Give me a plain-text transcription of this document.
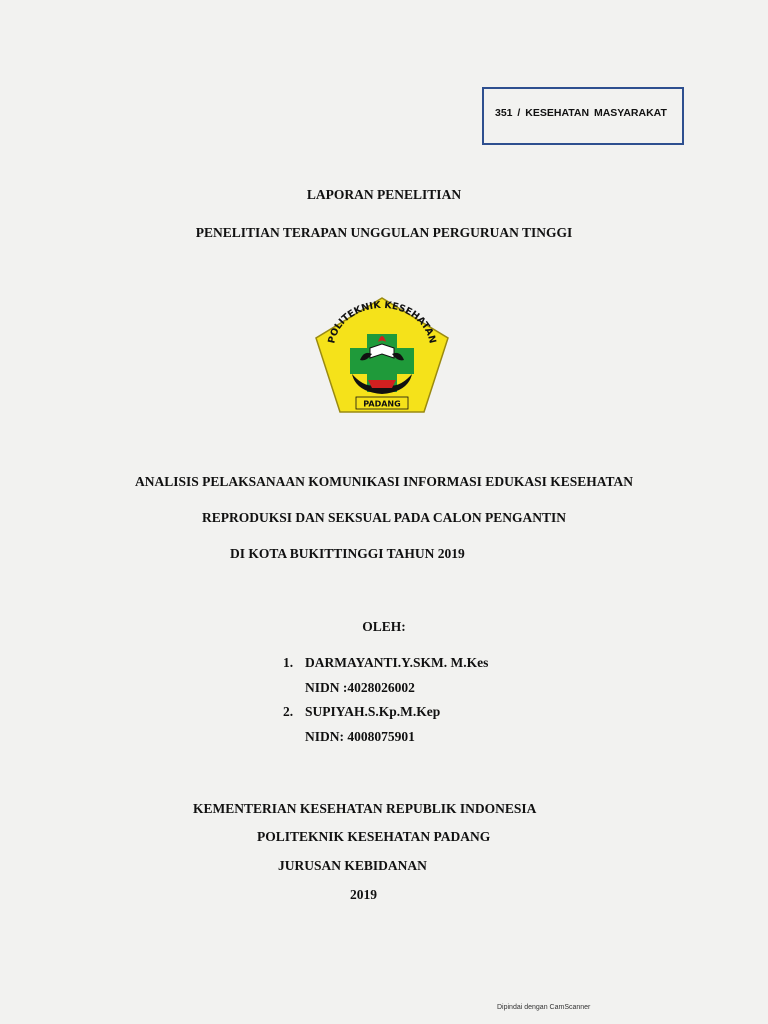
351 / KESEHATAN MASYARAKAT
LAPORAN PENELITIAN
PENELITIAN TERAPAN UNGGULAN PERGURUAN TINGGI
POLITEKNIK KESEHATAN
PADANG
ANALISIS PELAKSANAAN KOMUNIKASI INFORMASI EDUKASI KESEHATAN
REPRODUKSI DAN SEKSUAL PADA CALON PENGANTIN
DI KOTA BUKITTINGGI TAHUN 2019
OLEH:
1. DARMAYANTI.Y.SKM. M.Kes
NIDN :4028026002
2. SUPIYAH.S.Kp.M.Kep
NIDN: 4008075901
KEMENTERIAN KESEHATAN REPUBLIK INDONESIA
POLITEKNIK KESEHATAN PADANG
JURUSAN KEBIDANAN
2019
Dipindai dengan CamScanner
